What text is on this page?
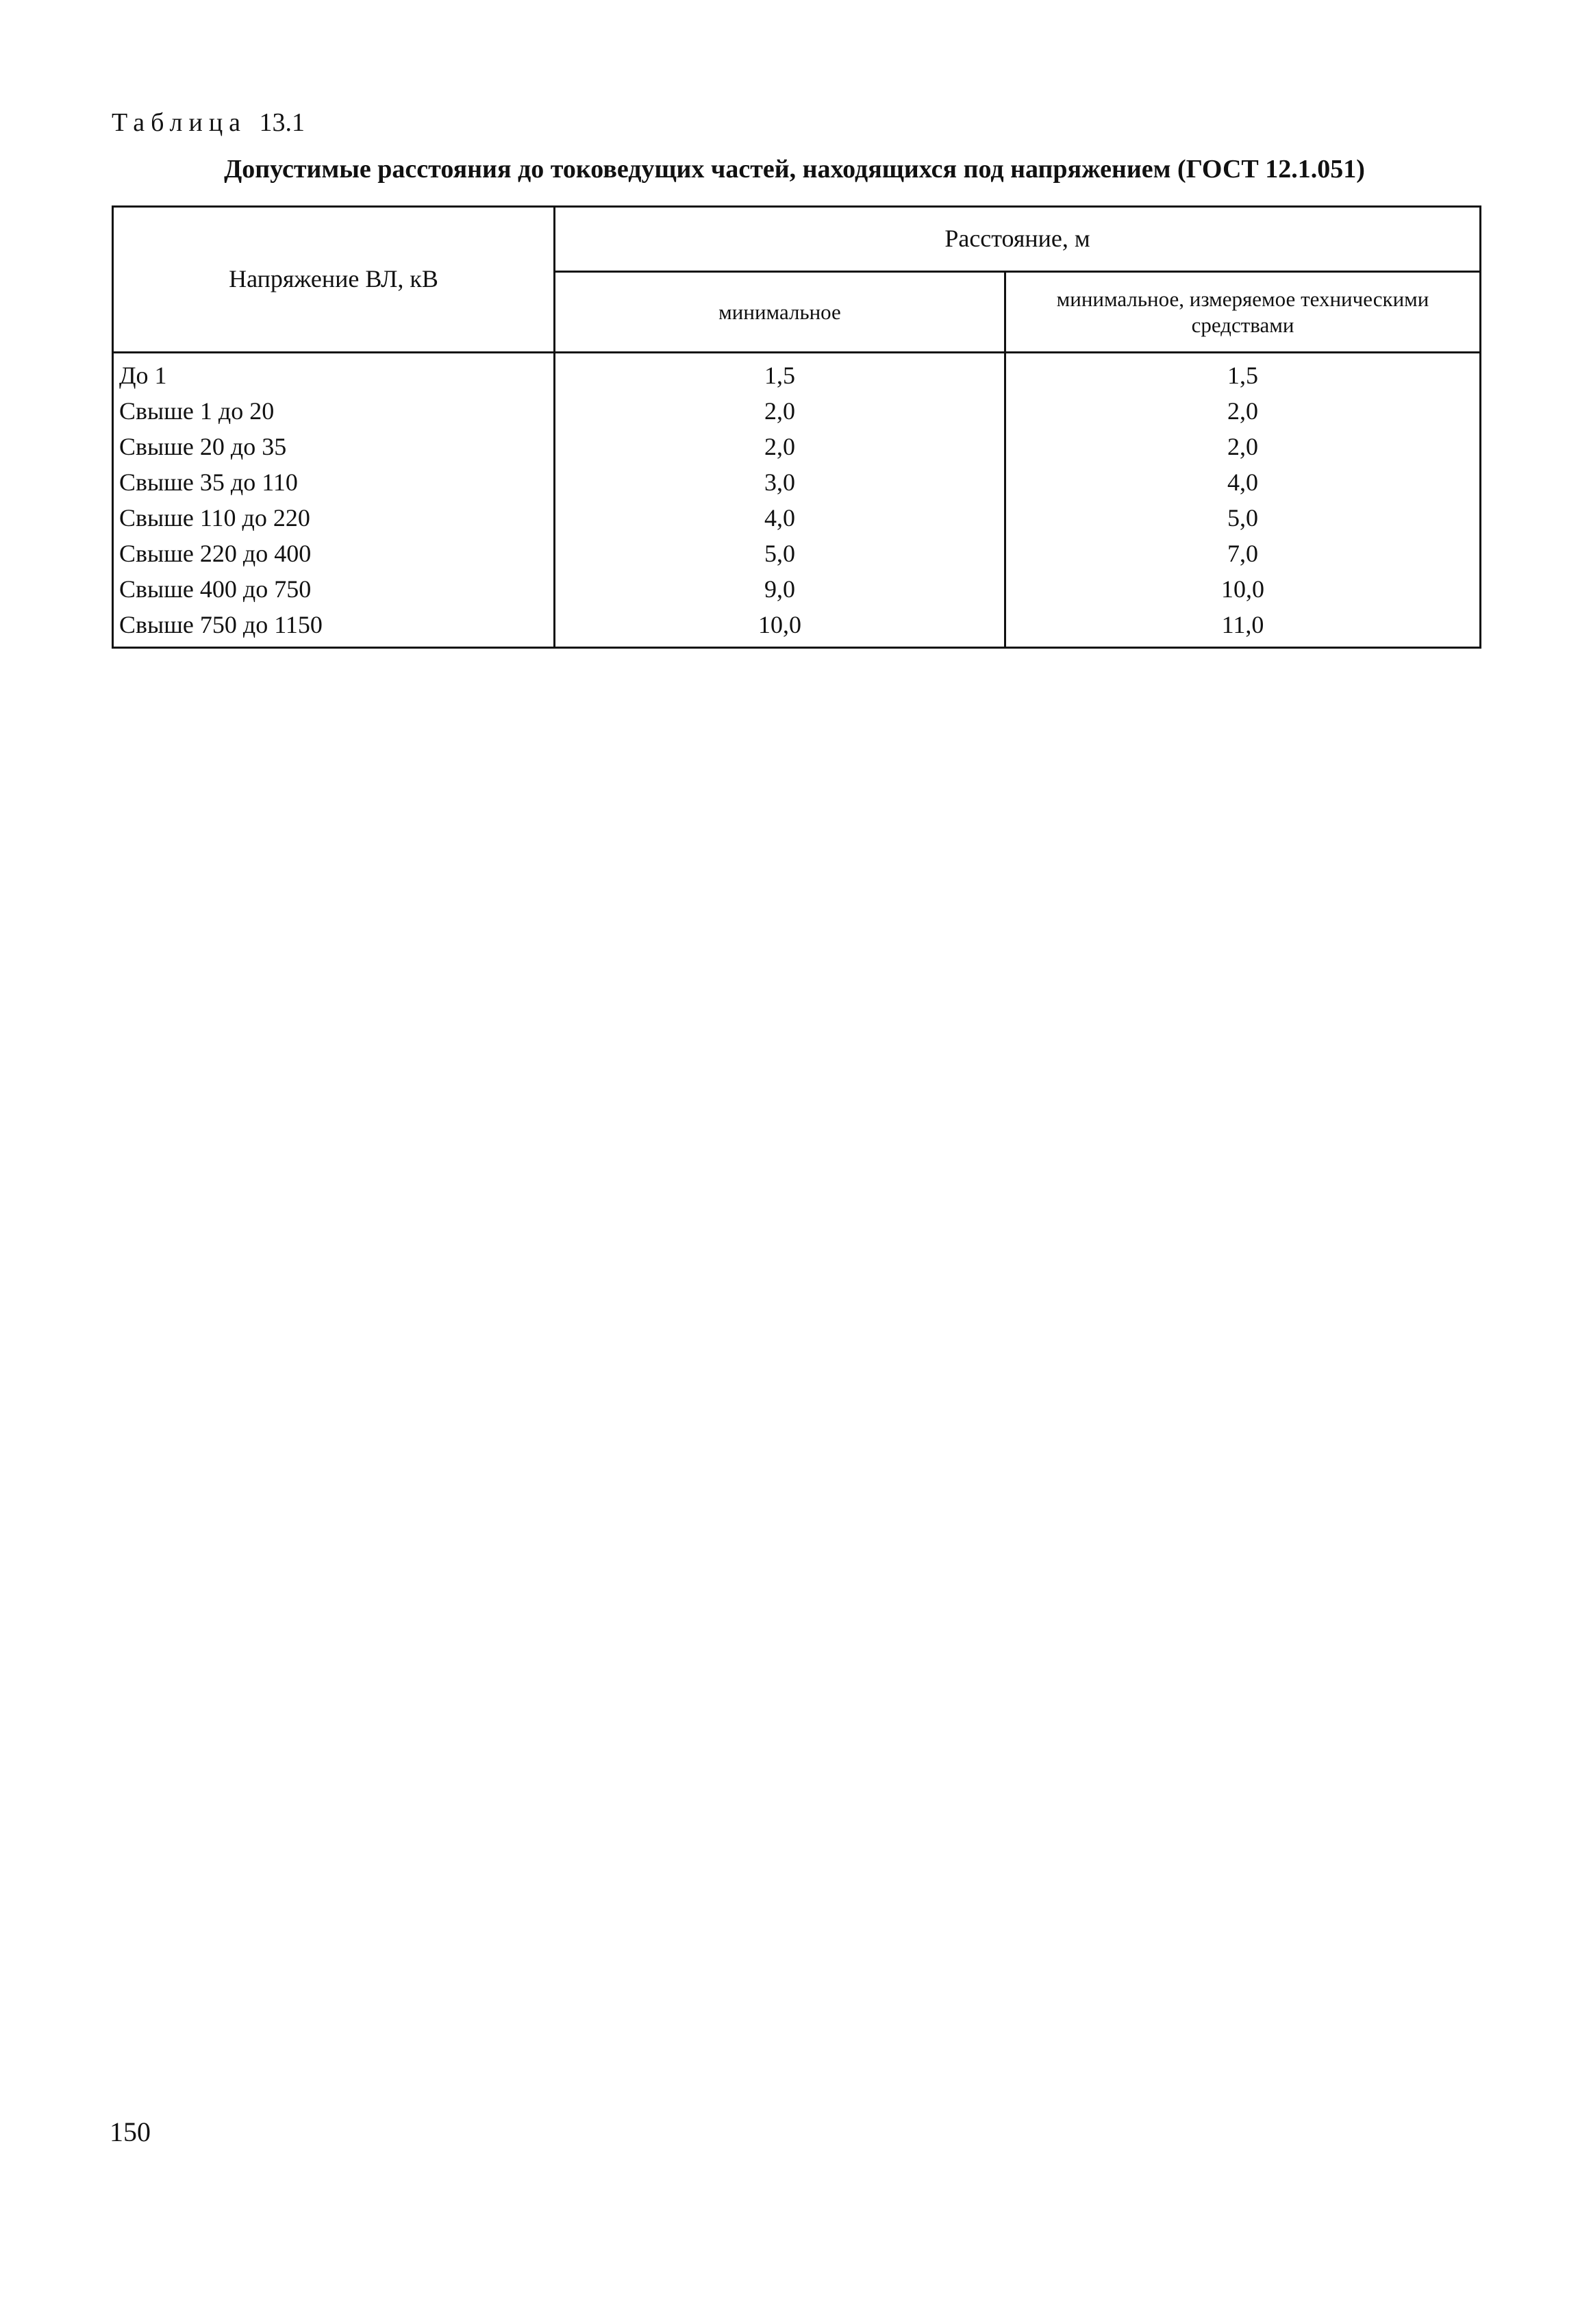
Таблица 13.1
Допустимые расстояния до токоведущих частей, находящихся под напряжением (ГОСТ 12.1.051)
Напряжение ВЛ, кВ	Расстояние, м	
	минимальное	минимальное, измеряемое техническими средствами
До 1	1,5	1,5
Свыше 1 до 20	2,0	2,0
Свыше 20 до 35	2,0	2,0
Свыше 35 до 110	3,0	4,0
Свыше 110 до 220	4,0	5,0
Свыше 220 до 400	5,0	7,0
Свыше 400 до 750	9,0	10,0
Свыше 750 до 1150	10,0	11,0
150
